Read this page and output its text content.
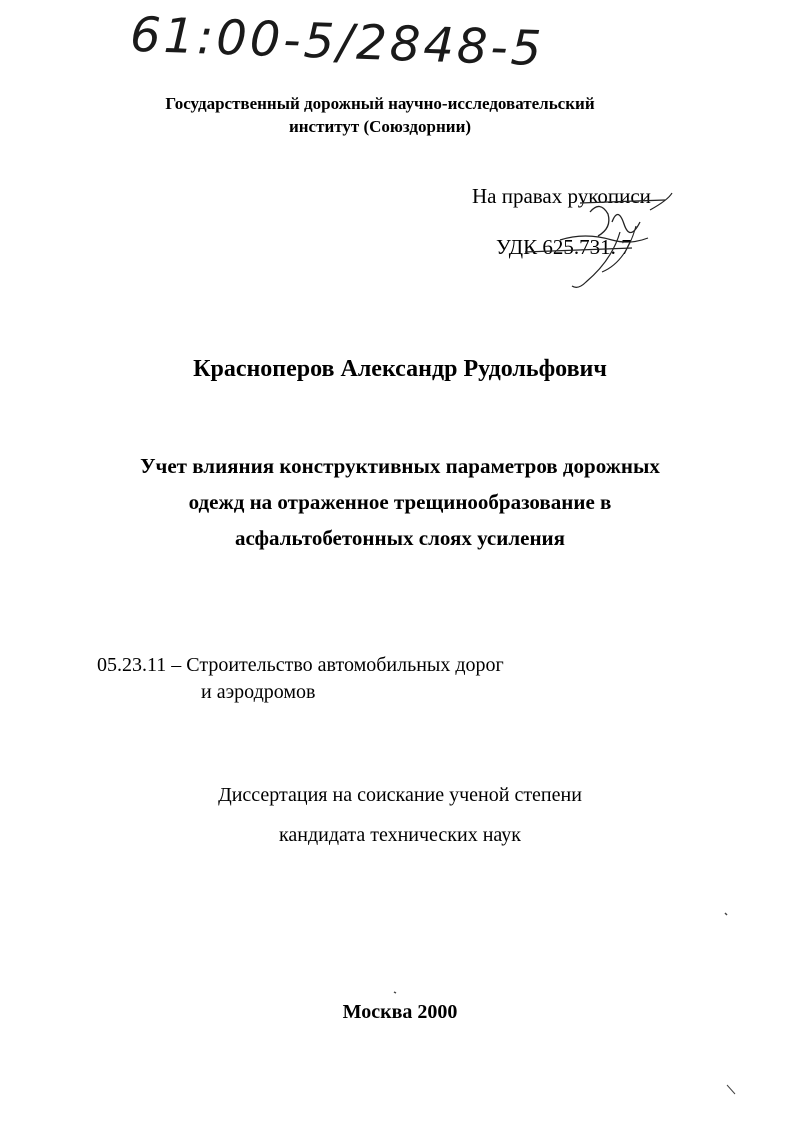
61:00-5/2848-5
Государственный дорожный научно-исследовательский
институт (Союздорнии)
На правах рукописи
УДК 625.731. 7
Красноперов Александр Рудольфович
Учет влияния конструктивных параметров дорожных
одежд на отраженное трещинообразование в
асфальтобетонных слоях усиления
05.23.11 – Строительство автомобильных дорог
и аэродромов
Диссертация на соискание ученой степени
кандидата технических наук
Москва 2000
